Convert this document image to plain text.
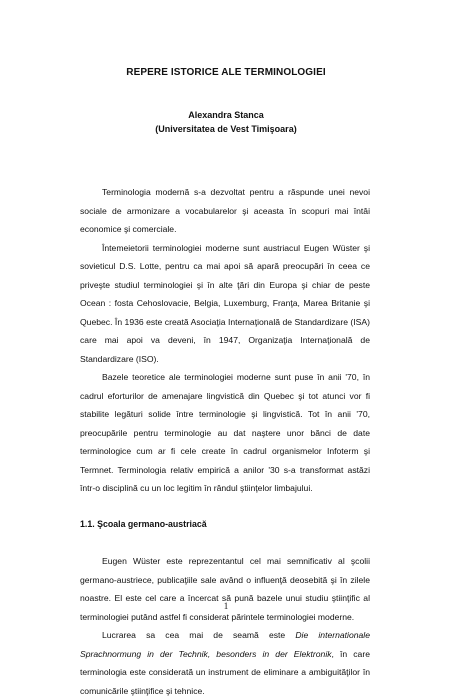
REPERE ISTORICE ALE TERMINOLOGIEI
Alexandra Stanca
(Universitatea de Vest Timişoara)

Terminologia modernă s-a dezvoltat pentru a răspunde unei nevoi sociale de armonizare a vocabularelor şi aceasta în scopuri mai întâi economice şi comerciale.

Întemeietorii terminologiei moderne sunt austriacul Eugen Wüster şi sovieticul D.S. Lotte, pentru ca mai apoi să apară preocupări în ceea ce priveşte studiul terminologiei şi în alte ţări din Europa şi chiar de peste Ocean : fosta Cehoslovacie, Belgia, Luxemburg, Franţa, Marea Britanie şi Quebec. În 1936 este creată Asociaţia Internaţională de Standardizare (ISA) care mai apoi va deveni, în 1947, Organizaţia Internaţională de Standardizare (ISO).

Bazele teoretice ale terminologiei moderne sunt puse în anii '70, în cadrul eforturilor de amenajare lingvistică din Quebec şi tot atunci vor fi stabilite legături solide între terminologie şi lingvistică. Tot în anii '70, preocupările pentru terminologie au dat naştere unor bănci de date terminologice cum ar fi cele create în cadrul organismelor Infoterm şi Termnet. Terminologia relativ empirică a anilor '30 s-a transformat astăzi într-o disciplină cu un loc legitim în rândul ştiinţelor limbajului.

1.1. Şcoala germano-austriacă

Eugen Wüster este reprezentantul cel mai semnificativ al şcolii germano-austriece, publicaţiile sale având o influenţă deosebită şi în zilele noastre. El este cel care a încercat să pună bazele unui studiu ştiinţific al terminologiei putând astfel fi considerat părintele terminologiei moderne.

Lucrarea sa cea mai de seamă este Die internationale Sprachnormung in der Technik, besonders in der Elektronik, în care terminologia este considerată un instrument de eliminare a ambiguităţilor în comunicările ştiinţifice şi tehnice.

1
